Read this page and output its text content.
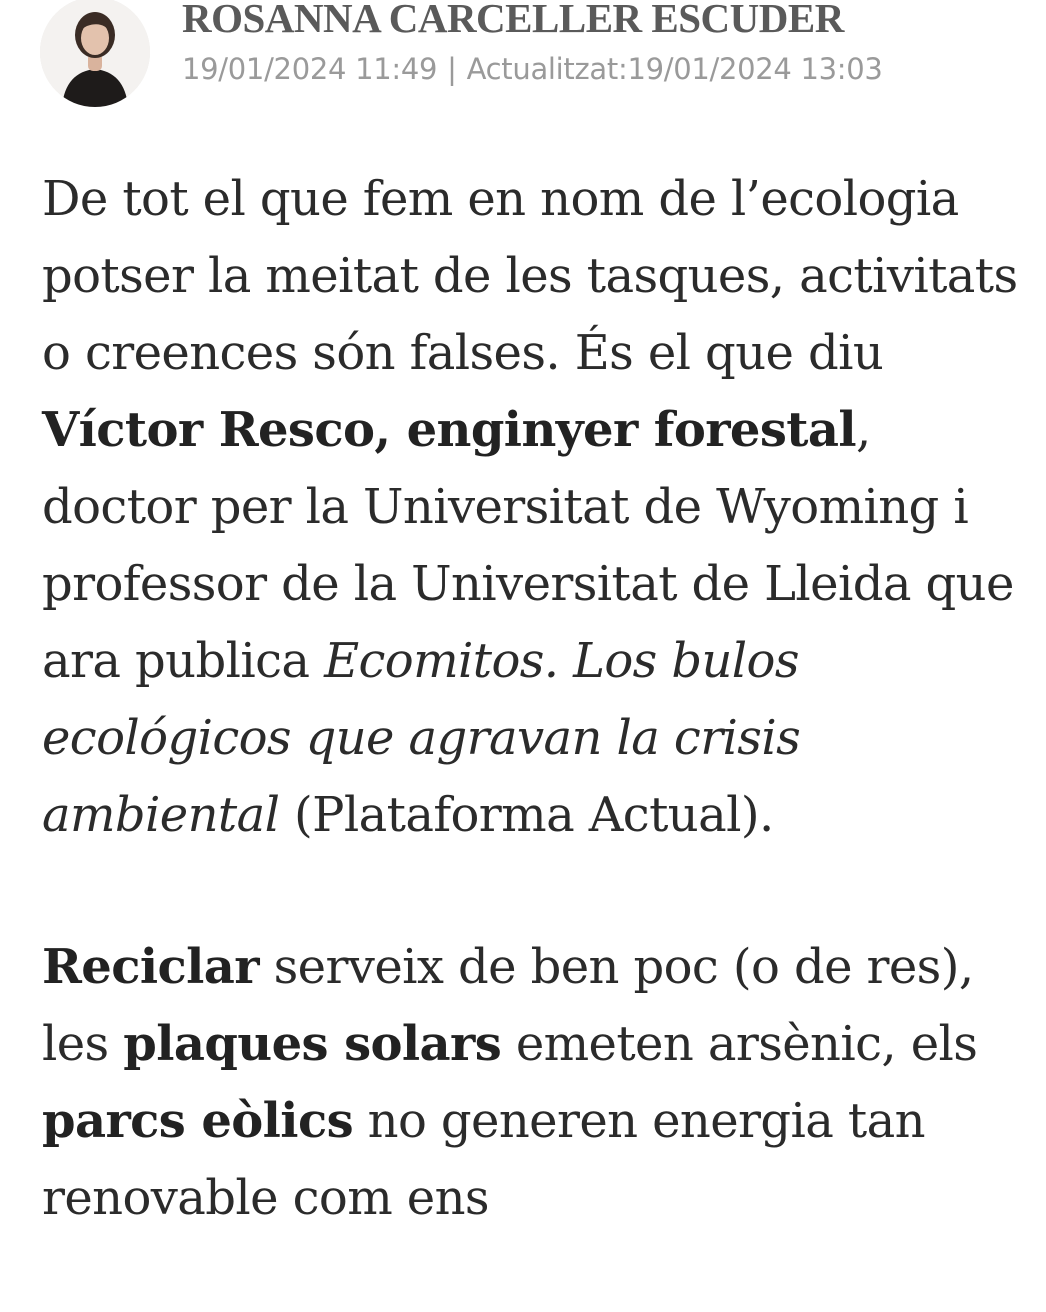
ROSANNA CARCELLER ESCUDER
19/01/2024 11:49 | Actualitzat:19/01/2024 13:03

De tot el que fem en nom de l’ecologia potser la meitat de les tasques, activitats o creences són falses. És el que diu Víctor Resco, enginyer forestal, doctor per la Universitat de Wyoming i professor de la Universitat de Lleida que ara publica Ecomitos. Los bulos ecológicos que agravan la crisis ambiental (Plataforma Actual).

Reciclar serveix de ben poc (o de res), les plaques solars emeten arsènic, els parcs eòlics no generen energia tan renovable com ens
